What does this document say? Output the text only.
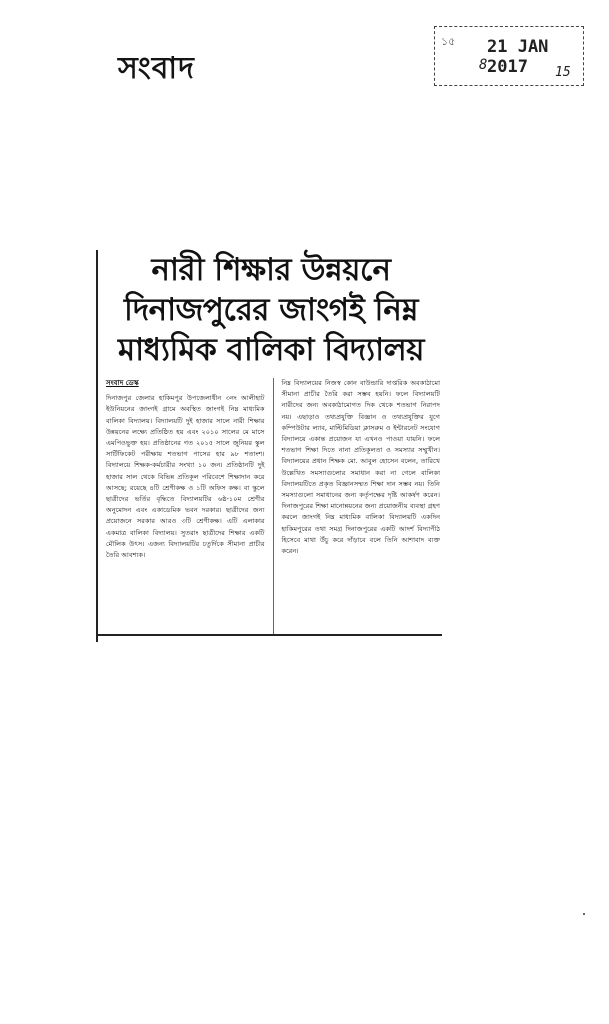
সংবাদ
১৫ 21 JAN 2017
8	15
নারী শিক্ষার উন্নয়নে
দিনাজপুরের জাংগই নিম্ন
মাধ্যমিক বালিকা বিদ্যালয়
সংবাদ ডেস্ক

দিনাজপুর জেলার হাকিমপুর উপজেলাধীন ৩নং আলীহাট ইউনিয়নের জাংগই গ্রামে অবস্থিত জাংগই নিম্ন মাধ্যমিক বালিকা বিদ্যালয়। বিদ্যালয়টি দুই হাজার সালে নারী শিক্ষার উন্নয়নের লক্ষ্যে প্রতিষ্ঠিত হয় এবং ২০১০ সালের মে মাসে এমপিওভুক্ত হয়। প্রতিষ্ঠানের গত ২০১৫ সালে জুনিয়র স্কুল সার্টিফিকেট পরীক্ষায় শতভাগ পাসের হার ৯৮ শতাংশ। বিদ্যালয়ে শিক্ষক-কর্মচারীর সংখ্যা ১০ জন। প্রতিষ্ঠানটি দুই হাজার সাল থেকে বিভিন্ন প্রতিকূল পরিবেশে শিক্ষাদান করে আসছে; রয়েছে ৪টি শ্রেণীকক্ষ ও ১টি অফিস কক্ষ। বা স্কুলে ছাত্রীদের ভর্তির বৃদ্ধিতে বিদ্যালয়টির ৬ষ্ঠ-১০ম শ্রেণীর অনুমোদন এবং একাডেমিক ভবন দরকার। ছাত্রীদের জন্য প্রয়োজনে সরকার আরও ৩টি শ্রেণীকক্ষ। এটি এলাকার একমাত্র বালিকা বিদ্যালয়। সুতরাং ছাত্রীদের শিক্ষার একটি মৌলিক উৎস। এজন্য বিদ্যালয়টির চতুর্দিকে সীমানা প্রাচীর তৈরি আবশ্যক।

নিম্ন বিদ্যালয়ের নিজস্ব কোন বাউন্ডারি দাপ্তরিক অবকাঠামো সীমানা প্রাচীর তৈরি করা সম্ভব হয়নি। ফলে বিদ্যালয়টি নারীদের জন্য অবকাঠামোগত দিক থেকে শতভাগ নিরাপদ নয়। এছাড়াও তথ্যপ্রযুক্তি বিজ্ঞান ও তথ্যপ্রযুক্তির যুগে কম্পিউটার ল্যাব, মাল্টিমিডিয়া ক্লাসরুম ও ইন্টারনেট সংযোগ বিদ্যালয়ে একান্ত প্রয়োজন যা এখনও পাওয়া যায়নি। ফলে শতভাগ শিক্ষা দিতে নানা প্রতিকূলতা ও সমস্যার সম্মুখীন। বিদ্যালয়ের প্রধান শিক্ষক মো. আবুল হোসেন বলেন, তারিখে উল্লেখিত সমস্যাগুলোর সমাধান করা না গেলে বালিকা বিদ্যালয়টিতে প্রকৃত বিজ্ঞানসম্মত শিক্ষা দান সম্ভব নয়। তিনি সমস্যাগুলো সমাধানের জন্য কর্তৃপক্ষের দৃষ্টি আকর্ষণ করেন। দিনাজপুরের শিক্ষা মানোন্নয়নের জন্য প্রয়োজনীয় ব্যবস্থা গ্রহণ করলে জাংগই নিম্ন মাধ্যমিক বালিকা বিদ্যালয়টি একদিন হাকিমপুরের তথা সমগ্র দিনাজপুরের একটি আদর্শ বিদ্যাপীঠ হিসেবে মাথা উঁচু করে দাঁড়াবে বলে তিনি আশাবাদ ব্যক্ত করেন।
